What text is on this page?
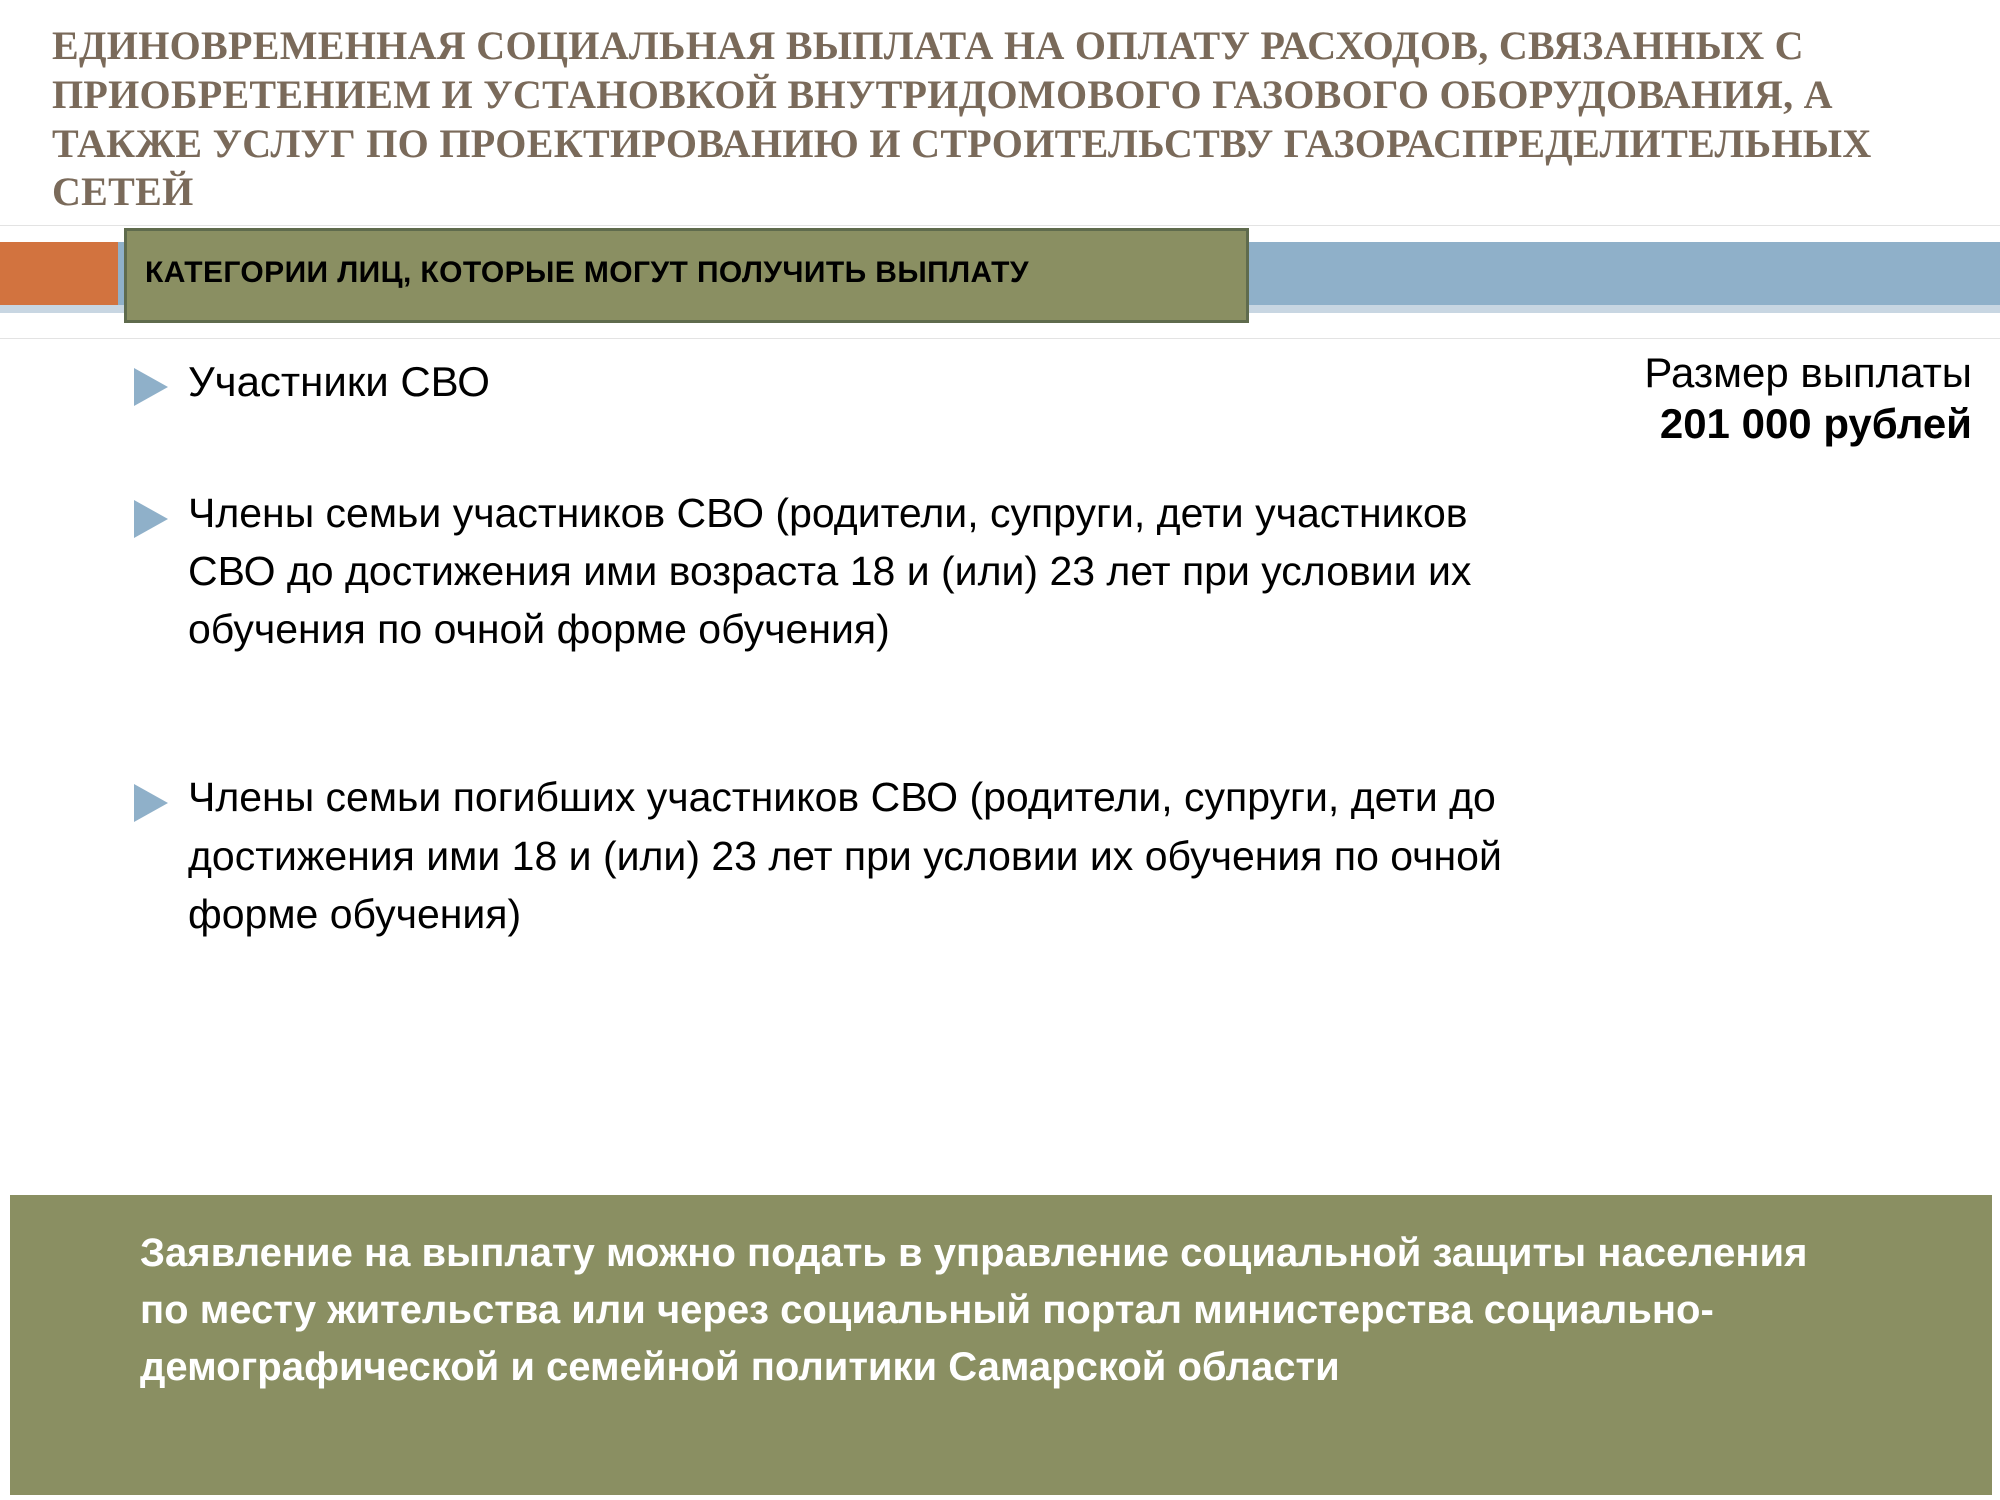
ЕДИНОВРЕМЕННАЯ СОЦИАЛЬНАЯ ВЫПЛАТА НА ОПЛАТУ РАСХОДОВ, СВЯЗАННЫХ С ПРИОБРЕТЕНИЕМ И УСТАНОВКОЙ ВНУТРИДОМОВОГО ГАЗОВОГО ОБОРУДОВАНИЯ, А ТАКЖЕ УСЛУГ ПО ПРОЕКТИРОВАНИЮ И СТРОИТЕЛЬСТВУ ГАЗОРАСПРЕДЕЛИТЕЛЬНЫХ СЕТЕЙ
КАТЕГОРИИ ЛИЦ, КОТОРЫЕ МОГУТ ПОЛУЧИТЬ ВЫПЛАТУ
Участники СВО
Члены семьи участников СВО (родители, супруги, дети участников СВО до достижения ими возраста 18 и (или) 23 лет при условии их обучения по очной форме обучения)
Члены семьи погибших участников СВО (родители, супруги, дети до достижения ими 18 и (или) 23 лет при условии их обучения по очной форме обучения)
Размер выплаты
201 000 рублей
Заявление на выплату можно подать в управление социальной защиты населения по месту жительства или через социальный портал министерства социально-демографической и семейной политики Самарской области
